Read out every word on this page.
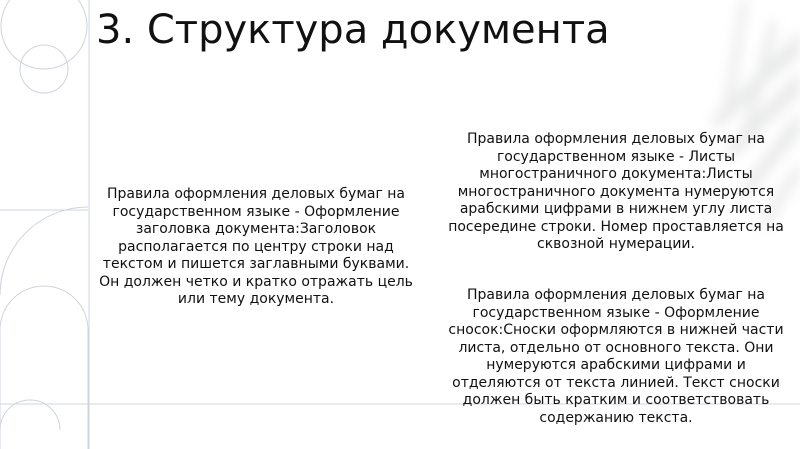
3. Структура документа
Правила оформления деловых бумаг на государственном языке - Оформление заголовка документа:Заголовок располагается по центру строки над текстом и пишется заглавными буквами. Он должен четко и кратко отражать цель или тему документа.
Правила оформления деловых бумаг на государственном языке - Листы многостраничного документа:Листы многостраничного документа нумеруются арабскими цифрами в нижнем углу листа посередине строки. Номер проставляется на сквозной нумерации.
Правила оформления деловых бумаг на государственном языке - Оформление сносок:Сноски оформляются в нижней части листа, отдельно от основного текста. Они нумеруются арабскими цифрами и отделяются от текста линией. Текст сноски должен быть кратким и соответствовать содержанию текста.
